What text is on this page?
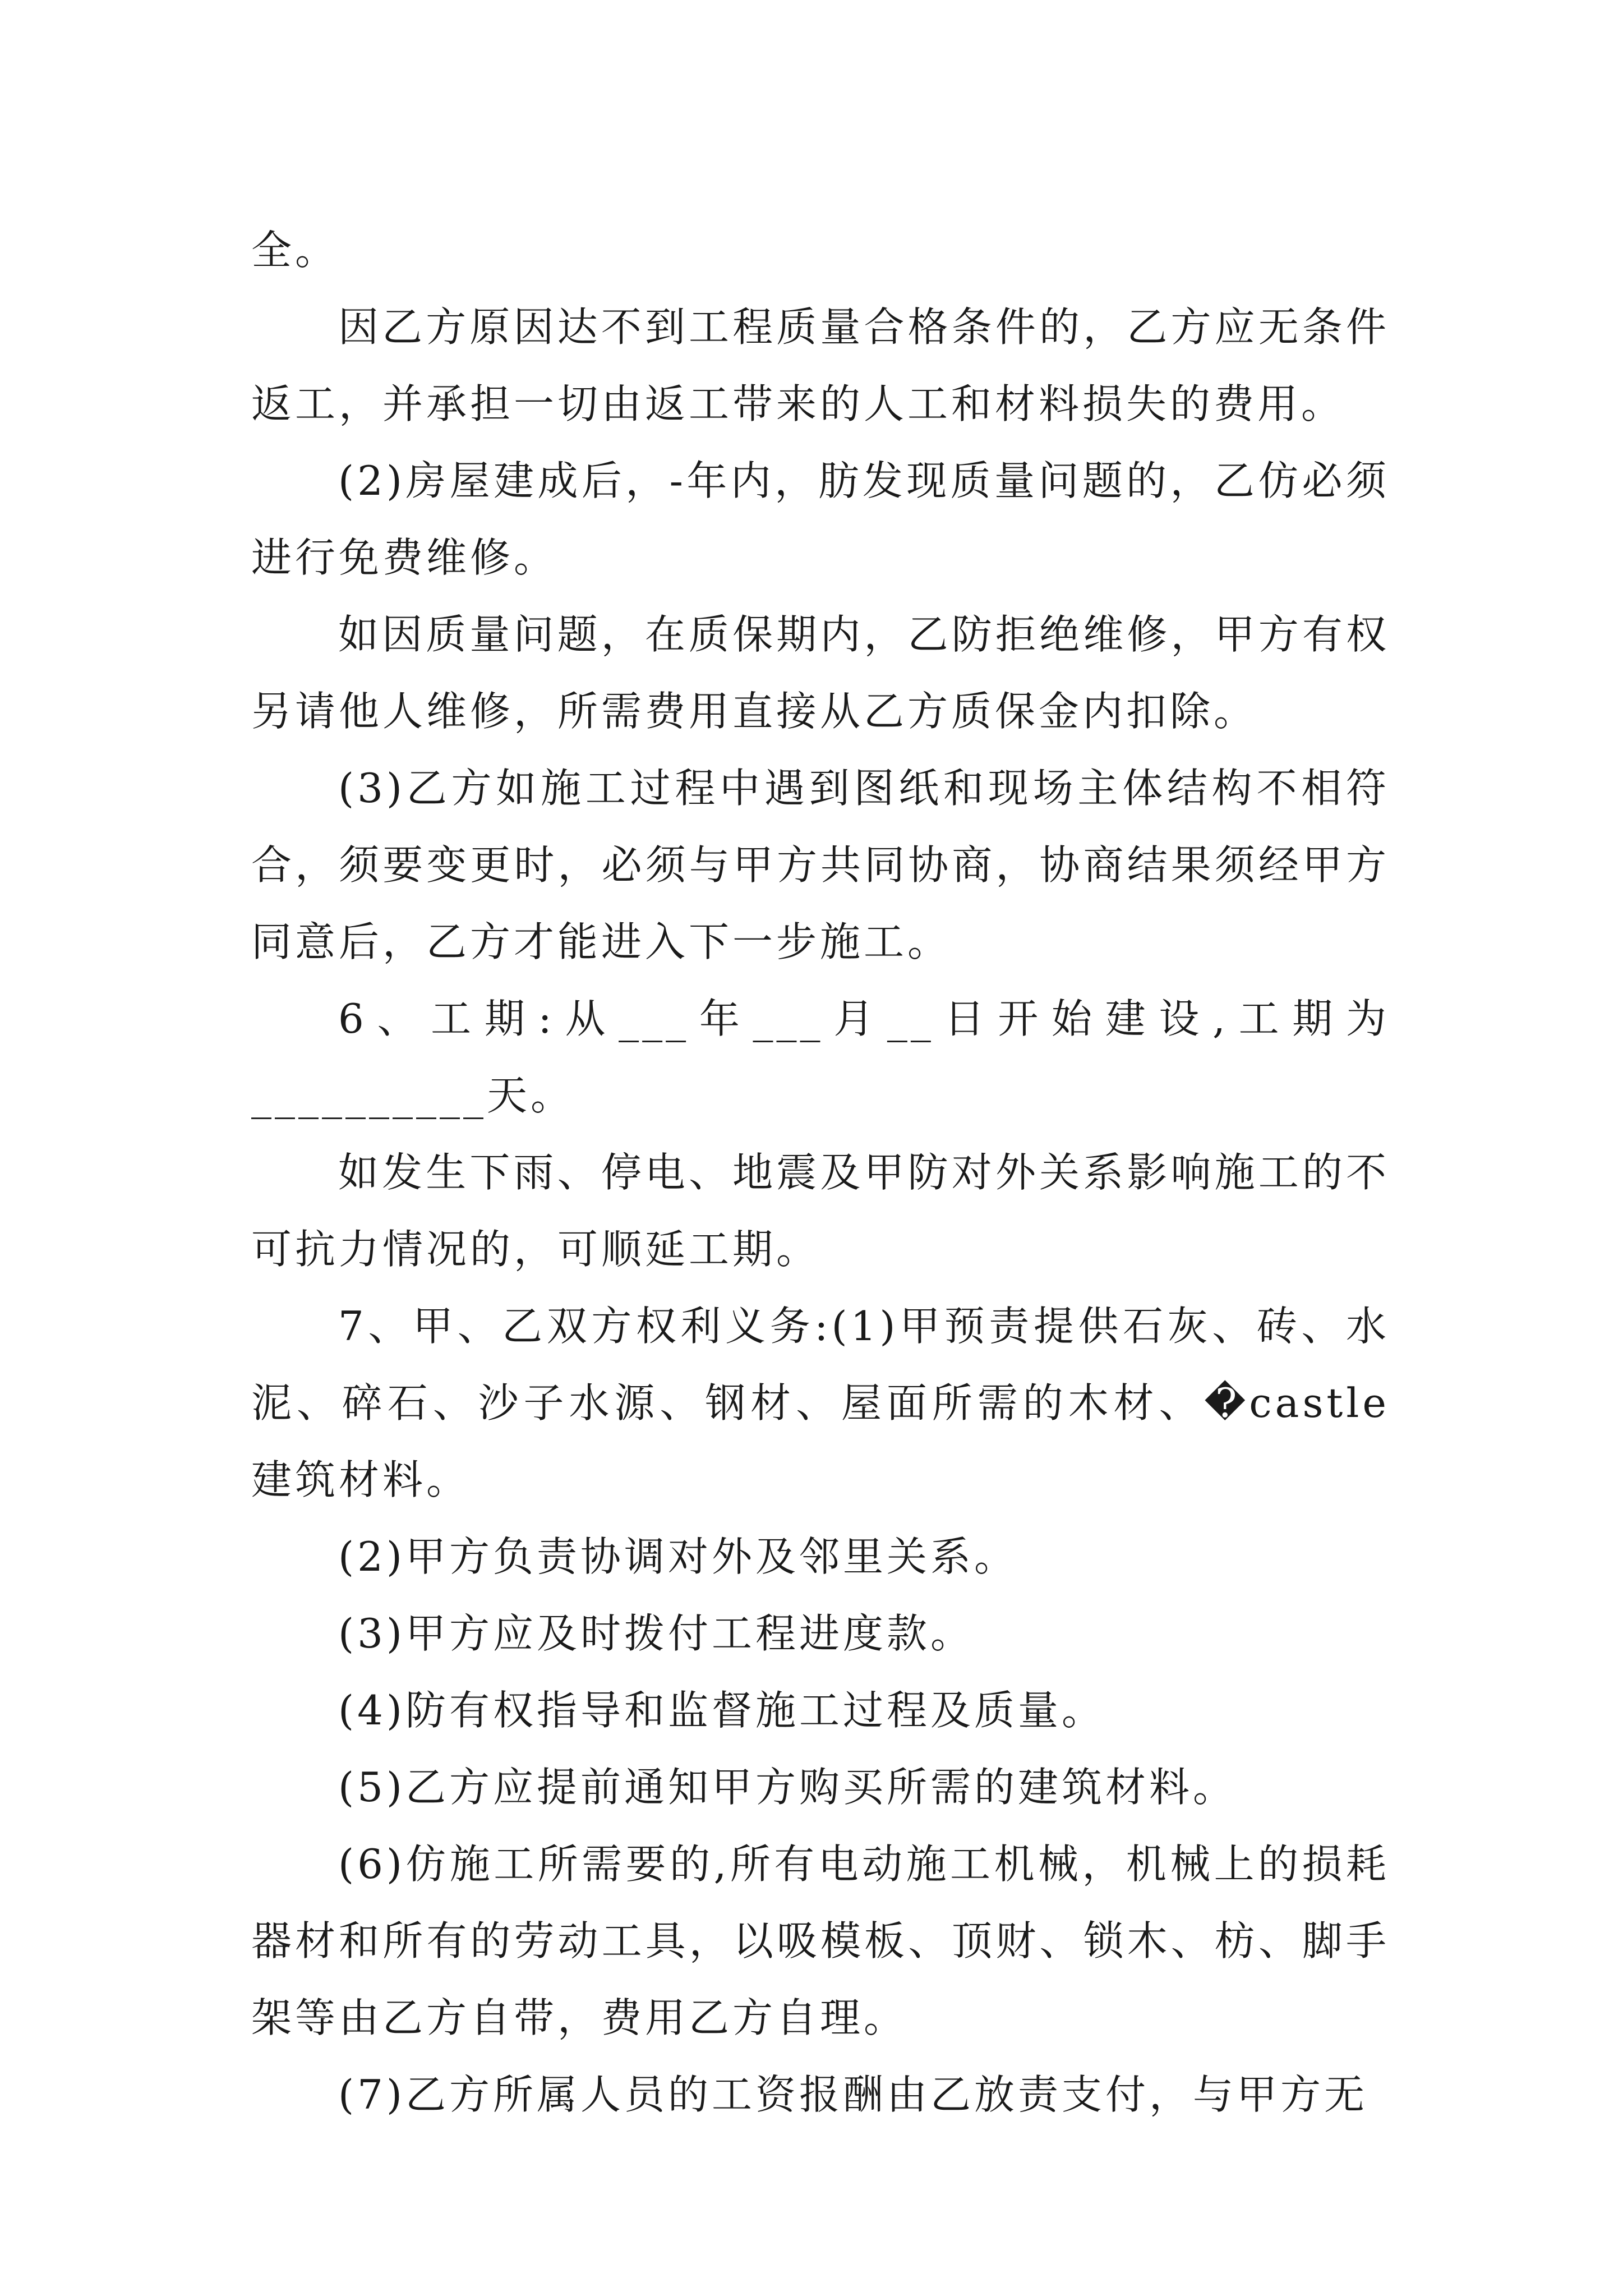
全。

因乙方原因达不到工程质量合格条件的，乙方应无条件返工，并承担一切由返工带来的人工和材料损失的费用。

(2)房屋建成后，-年内，肪发现质量问题的，乙仿必须进行免费维修。

如因质量问题，在质保期内，乙防拒绝维修，甲方有权另请他人维修，所需费用直接从乙方质保金内扣除。

(3)乙方如施工过程中遇到图纸和现场主体结构不相符合，须要变更时，必须与甲方共同协商，协商结果须经甲方同意后，乙方才能进入下一步施工。

6、工期:从___年___月__日开始建设,工期为__________天。

如发生下雨、停电、地震及甲防对外关系影响施工的不可抗力情况的，可顺延工期。

7、甲、乙双方权利义务:(1)甲预责提供石灰、砖、水泥、碎石、沙子水源、钢材、屋面所需的木材、�castle建筑材料。

(2)甲方负责协调对外及邻里关系。

(3)甲方应及时拨付工程进度款。

(4)防有权指导和监督施工过程及质量。

(5)乙方应提前通知甲方购买所需的建筑材料。

(6)仿施工所需要的,所有电动施工机械，机械上的损耗器材和所有的劳动工具，以吸模板、顶财、锁木、枋、脚手架等由乙方自带，费用乙方自理。

(7)乙方所属人员的工资报酬由乙放责支付，与甲方无
